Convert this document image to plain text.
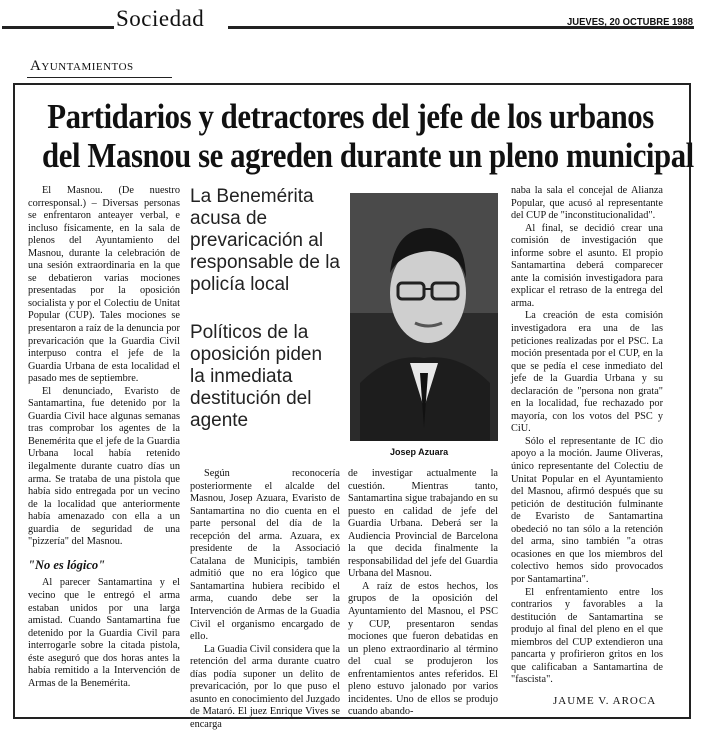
Sociedad	JUEVES, 20 OCTUBRE 1988
Ayuntamientos
Partidarios y detractores del jefe de los urbanos
del Masnou se agreden durante un pleno municipal

El Masnou. (De nuestro corresponsal.) – Diversas personas se enfrentaron anteayer verbal, e incluso físicamente, en la sala de plenos del Ayuntamiento del Masnou, durante la celebración de una sesión extraordinaria en la que se debatieron varias mociones presentadas por la oposición socialista y por el Colectiu de Unitat Popular (CUP). Tales mociones se presentaron a raíz de la denuncia por prevaricación que la Guardia Civil interpuso contra el jefe de la Guardia Urbana de esta localidad el pasado mes de septiembre.

El denunciado, Evaristo de Santamartina, fue detenido por la Guardia Civil hace algunas semanas tras comprobar los agentes de la Benemérita que el jefe de la Guardia Urbana local había retenido ilegalmente durante cuatro días un arma. Se trataba de una pistola que había sido entregada por un vecino de la localidad que anteriormente había amenazado con ella a un guardia de seguridad de una "pizzería" del Masnou.

"No es lógico"

Al parecer Santamartina y el vecino que le entregó el arma estaban unidos por una larga amistad. Cuando Santamartina fue detenido por la Guardia Civil para interrogarle sobre la citada pistola, éste aseguró que dos horas antes la había remitido a la Intervención de Armas de la Benemérita.

La Benemérita acusa de prevaricación al responsable de la policía local
Políticos de la oposición piden la inmediata destitución del agente
Josep Azuara

Según reconocería posteriormente el alcalde del Masnou, Josep Azuara, Evaristo de Santamartina no dio cuenta en el parte personal del día de la recepción del arma. Azuara, ex presidente de la Associació Catalana de Municipis, también admitió que no era lógico que Santamartina hubiera recibido el arma, cuando debe ser la Intervención de Armas de la Guadia Civil el organismo encargado de ello.

La Guadia Civil considera que la retención del arma durante cuatro días podía suponer un delito de prevaricación, por lo que puso el asunto en conocimiento del Juzgado de Mataró. El juez Enrique Vives se encarga

de investigar actualmente la cuestión. Mientras tanto, Santamartina sigue trabajando en su puesto en calidad de jefe del Guardia Urbana. Deberá ser la Audiencia Provincial de Barcelona la que decida finalmente la responsabilidad del jefe del Guardia Urbana del Masnou.

A raíz de estos hechos, los grupos de la oposición del Ayuntamiento del Masnou, el PSC y CUP, presentaron sendas mociones que fueron debatidas en un pleno extraordinario al término del cual se produjeron los enfrentamientos antes referidos. El pleno estuvo jalonado por varios incidentes. Uno de ellos se produjo cuando abando-

naba la sala el concejal de Alianza Popular, que acusó al representante del CUP de "inconstitucionalidad".

Al final, se decidió crear una comisión de investigación que informe sobre el asunto. El propio Santamartina deberá comparecer ante la comisión investigadora para explicar el retraso de la entrega del arma.

La creación de esta comisión investigadora era una de las peticiones realizadas por el PSC. La moción presentada por el CUP, en la que se pedía el cese inmediato del jefe de la Guardia Urbana y su declaración de "persona non grata" en la localidad, fue rechazado por mayoría, con los votos del PSC y CiU.

Sólo el representante de IC dio apoyo a la moción. Jaume Oliveras, único representante del Colectiu de Unitat Popular en el Ayuntamiento del Masnou, afirmó después que su petición de destitución fulminante de Evaristo de Santamartina obedeció no tan sólo a la retención del arma, sino también "a otras ocasiones en que los miembros del colectivo hemos sido provocados por Santamartina".

El enfrentamiento entre los contrarios y favorables a la destitución de Santamartina se produjo al final del pleno en el que miembros del CUP extendieron una pancarta y profirieron gritos en los que calificaban a Santamartina de "fascista".

JAUME V. AROCA
